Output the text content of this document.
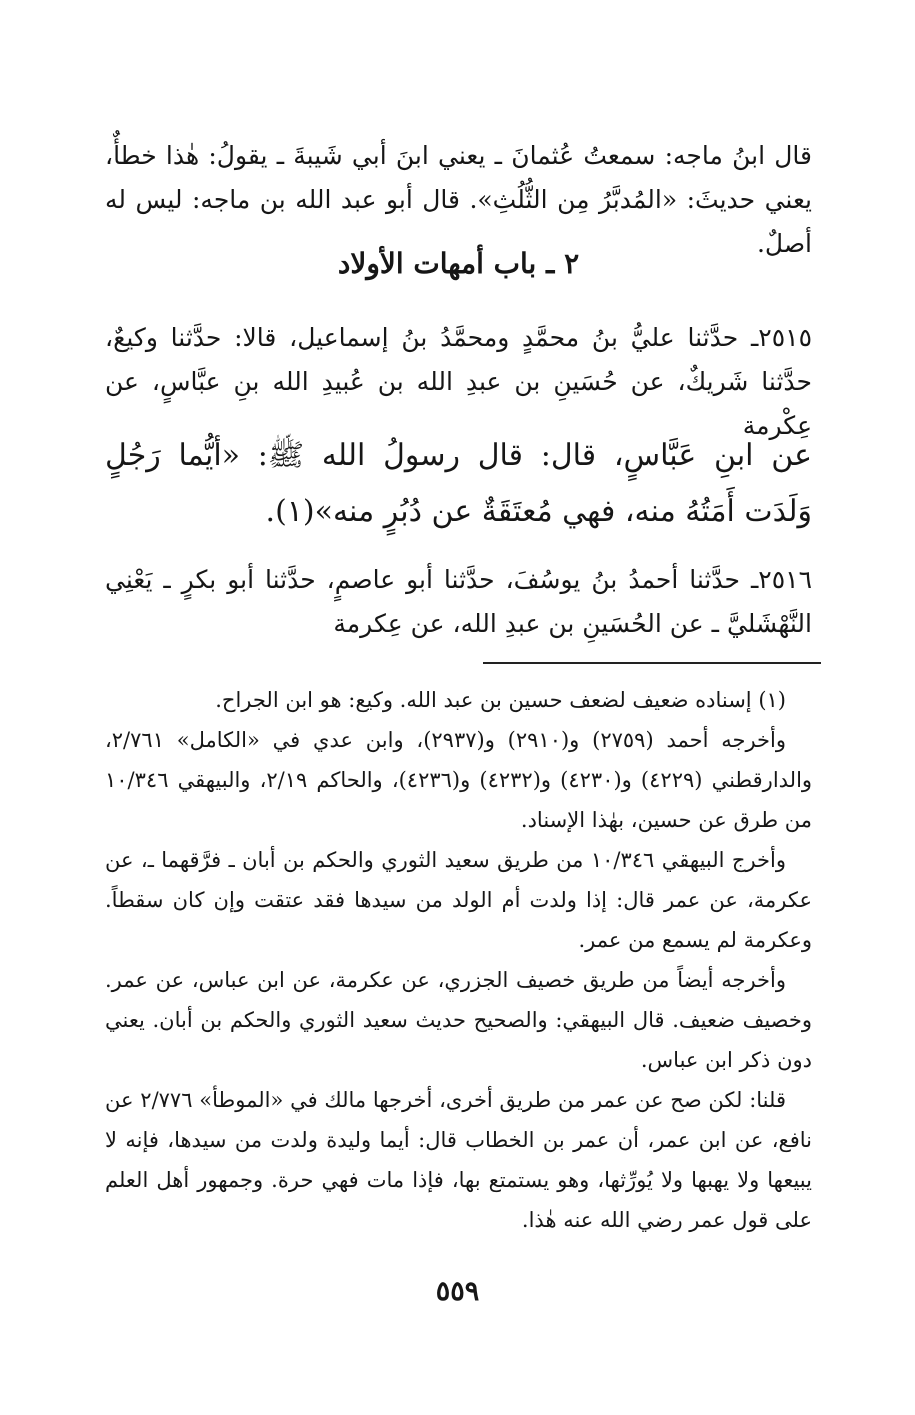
قال ابنُ ماجه: سمعتُ عُثمانَ ـ يعني ابنَ أبي شَيبةَ ـ يقولُ: هٰذا خطأٌ، يعني حديثَ: «المُدبَّرُ مِن الثُّلُثِ». قال أبو عبد الله بن ماجه: ليس له أصلٌ.

٢ ـ باب أمهات الأولاد

٢٥١٥ـ حدَّثنا عليُّ بنُ محمَّدٍ ومحمَّدُ بنُ إسماعيل، قالا: حدَّثنا وكيعٌ، حدَّثنا شَريكٌ، عن حُسَينِ بن عبدِ الله بن عُبيدِ الله بنِ عبَّاسٍ، عن عِكْرمة

عن ابنِ عَبَّاسٍ، قال: قال رسولُ الله ﷺ: «أيُّما رَجُلٍ وَلَدَت أَمَتُهُ منه، فهي مُعتَقَةٌ عن دُبُرٍ منه»(١).

٢٥١٦ـ حدَّثنا أحمدُ بنُ يوسُفَ، حدَّثنا أبو عاصمٍ، حدَّثنا أبو بكرٍ ـ يَعْنِي النَّهْشَليَّ ـ عن الحُسَينِ بن عبدِ الله، عن عِكرمة

(١) إسناده ضعيف لضعف حسين بن عبد الله. وكيع: هو ابن الجراح.

وأخرجه أحمد (٢٧٥٩) و(٢٩١٠) و(٢٩٣٧)، وابن عدي في «الكامل» ٢/٧٦١، والدارقطني (٤٢٢٩) و(٤٢٣٠) و(٤٢٣٢) و(٤٢٣٦)، والحاكم ٢/١٩، والبيهقي ١٠/٣٤٦ من طرق عن حسين، بهٰذا الإسناد.

وأخرج البيهقي ١٠/٣٤٦ من طريق سعيد الثوري والحكم بن أبان ـ فرَّقهما ـ، عن عكرمة، عن عمر قال: إذا ولدت أم الولد من سيدها فقد عتقت وإن كان سقطاً. وعكرمة لم يسمع من عمر.

وأخرجه أيضاً من طريق خصيف الجزري، عن عكرمة، عن ابن عباس، عن عمر. وخصيف ضعيف. قال البيهقي: والصحيح حديث سعيد الثوري والحكم بن أبان. يعني دون ذكر ابن عباس.

قلنا: لكن صح عن عمر من طريق أخرى، أخرجها مالك في «الموطأ» ٢/٧٧٦ عن نافع، عن ابن عمر، أن عمر بن الخطاب قال: أيما وليدة ولدت من سيدها، فإنه لا يبيعها ولا يهبها ولا يُورِّثها، وهو يستمتع بها، فإذا مات فهي حرة. وجمهور أهل العلم على قول عمر رضي الله عنه هٰذا.

٥٥٩
